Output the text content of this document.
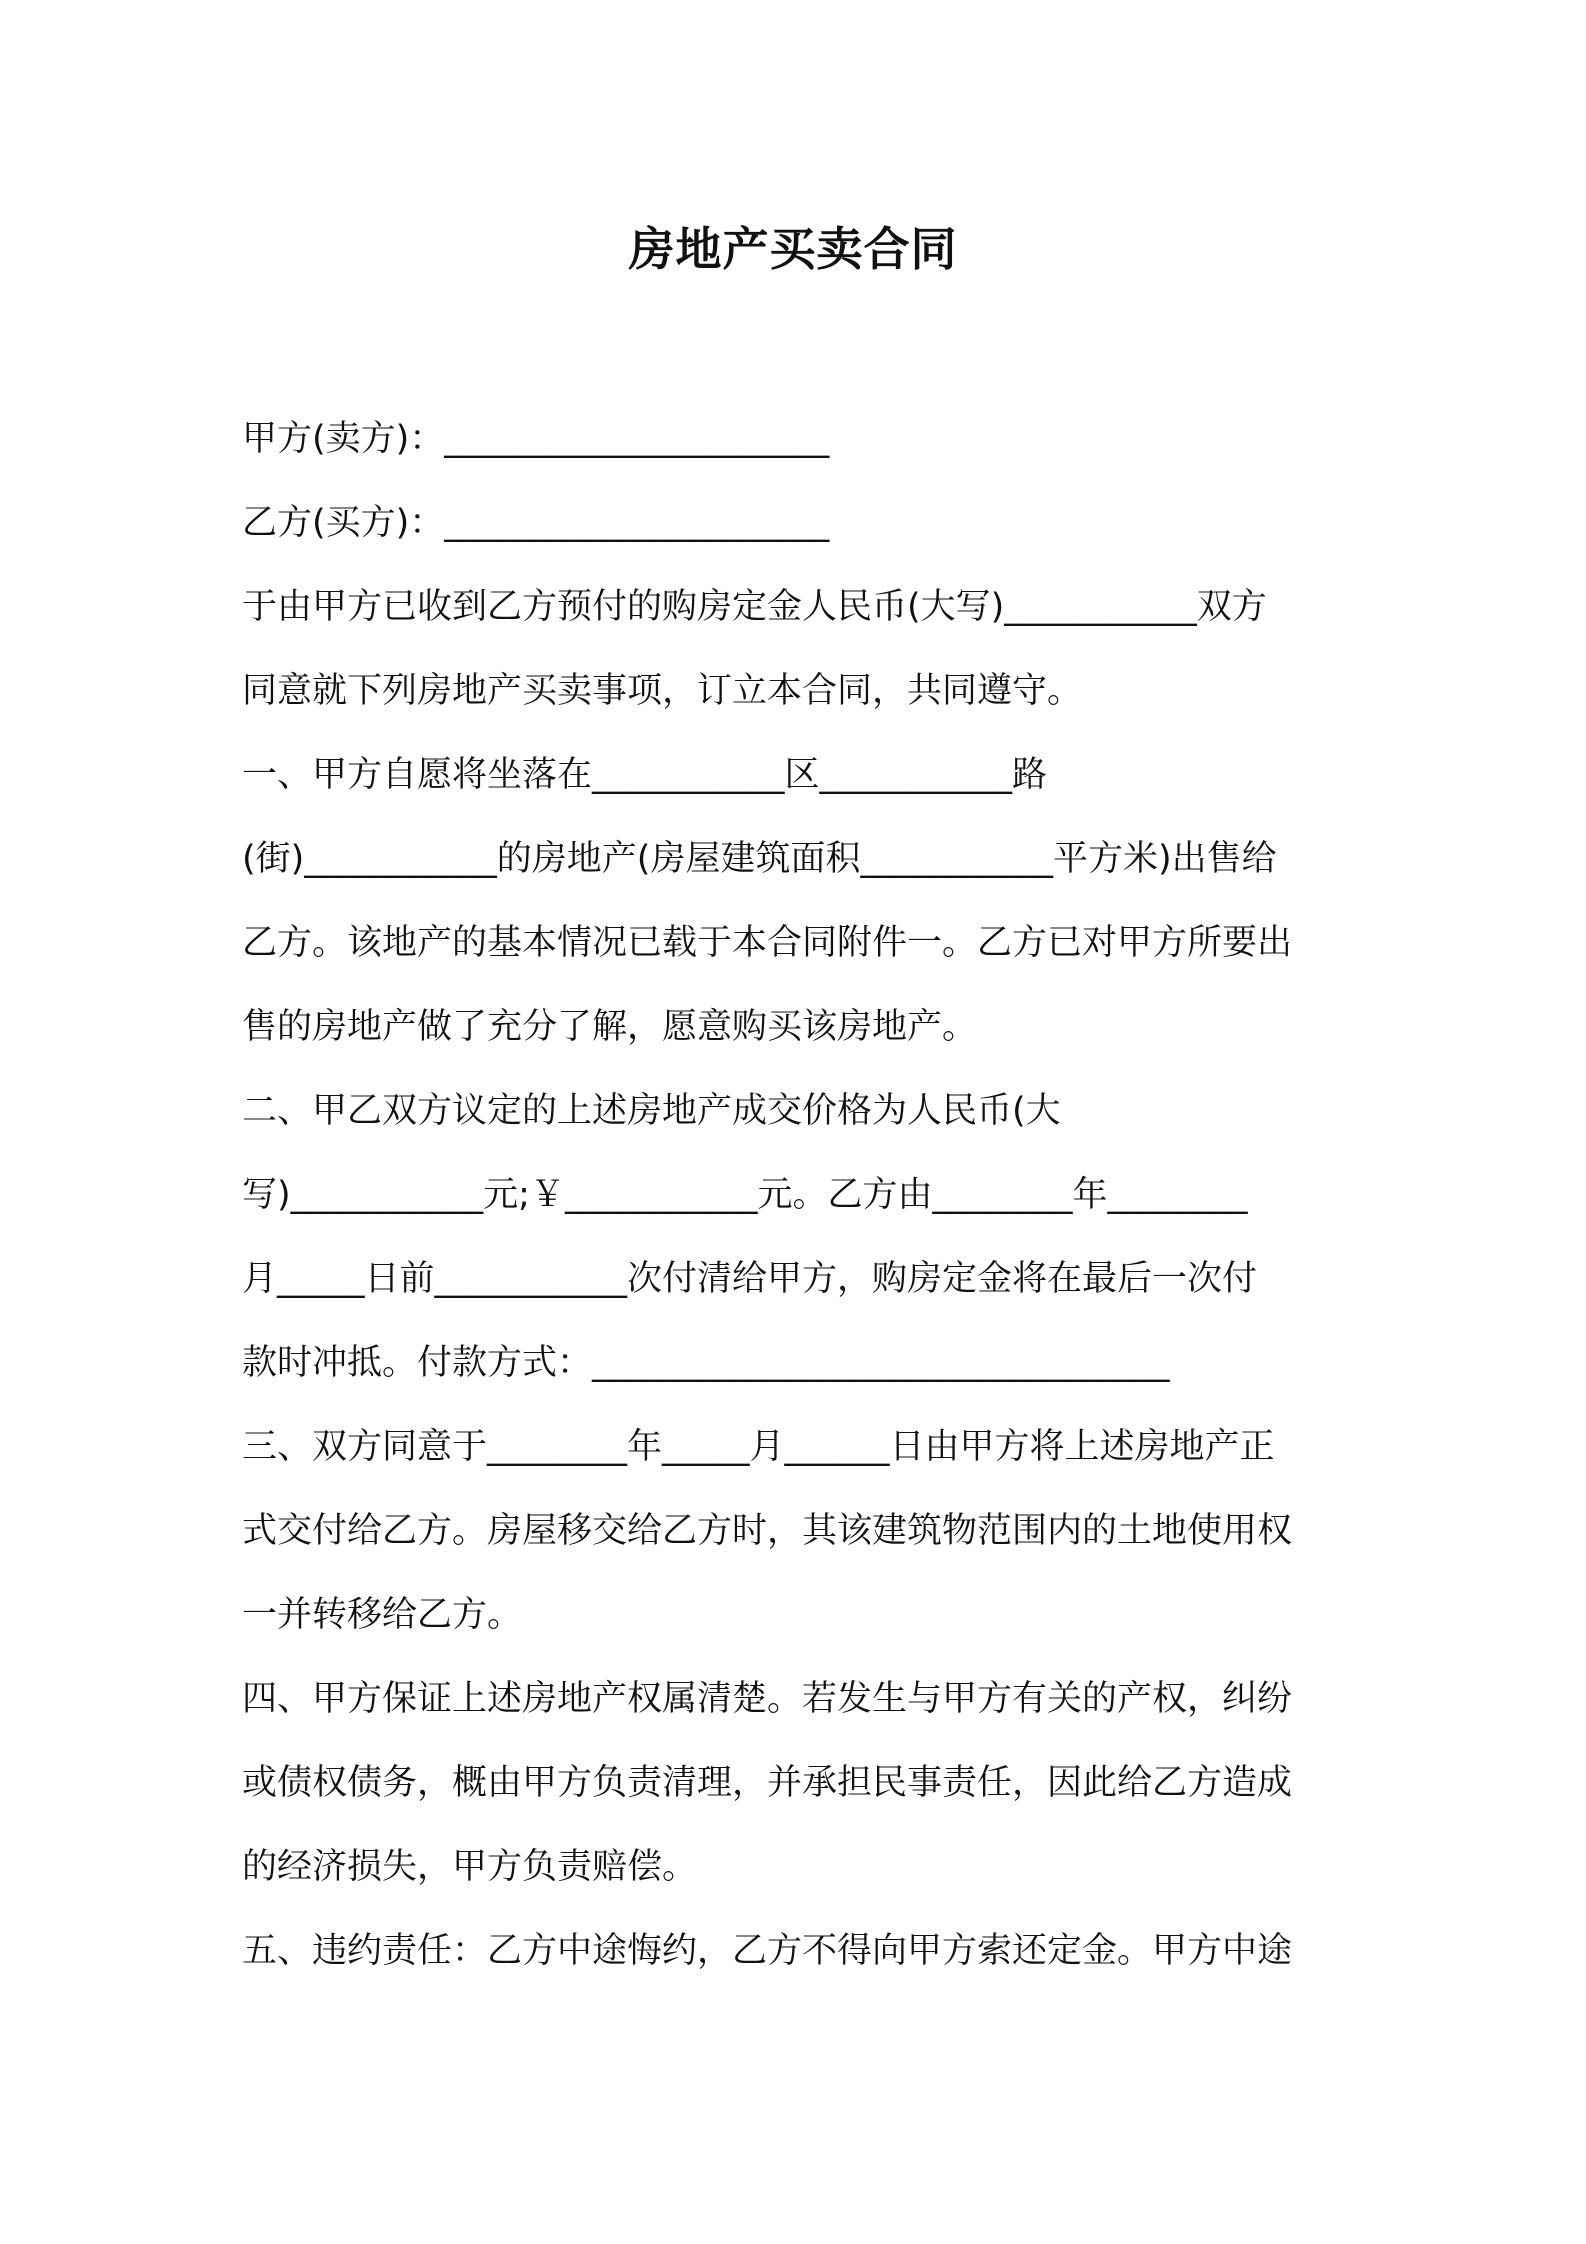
房地产买卖合同
甲方(卖方)：______________________
乙方(买方)：______________________
于由甲方已收到乙方预付的购房定金人民币(大写)___________双方
同意就下列房地产买卖事项，订立本合同，共同遵守。
一、甲方自愿将坐落在___________区___________路
(街)___________的房地产(房屋建筑面积___________平方米)出售给
乙方。该地产的基本情况已载于本合同附件一。乙方已对甲方所要出
售的房地产做了充分了解，愿意购买该房地产。
二、甲乙双方议定的上述房地产成交价格为人民币(大
写)___________元;￥___________元。乙方由________年________
月_____日前___________次付清给甲方，购房定金将在最后一次付
款时冲抵。付款方式：_________________________________
三、双方同意于________年_____月______日由甲方将上述房地产正
式交付给乙方。房屋移交给乙方时，其该建筑物范围内的土地使用权
一并转移给乙方。
四、甲方保证上述房地产权属清楚。若发生与甲方有关的产权，纠纷
或债权债务，概由甲方负责清理，并承担民事责任，因此给乙方造成
的经济损失，甲方负责赔偿。
五、违约责任：乙方中途悔约，乙方不得向甲方索还定金。甲方中途
